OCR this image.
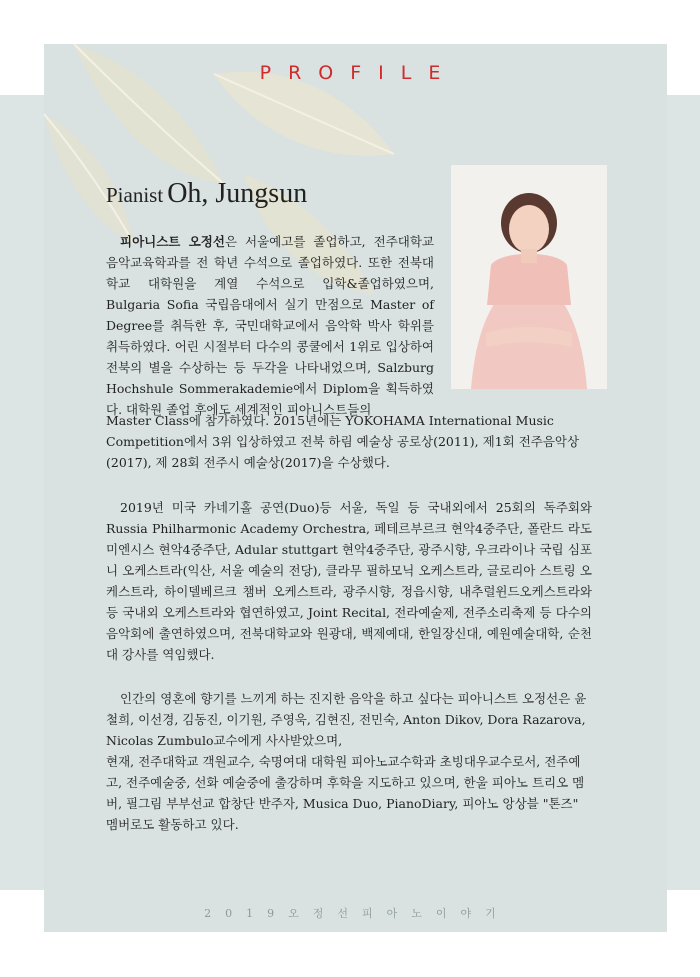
PROFILE
Pianist Oh, Jungsun

피아니스트 오정선은 서울예고를 졸업하고, 전주대학교 음악교육학과를 전 학년 수석으로 졸업하였다. 또한 전북대학교 대학원을 계열 수석으로 입학&졸업하였으며, Bulgaria Sofia 국립음대에서 실기 만점으로 Master of Degree를 취득한 후, 국민대학교에서 음악학 박사 학위를 취득하였다. 어린 시절부터 다수의 콩쿨에서 1위로 입상하여 전북의 별을 수상하는 등 두각을 나타내었으며, Salzburg Hochshule Sommerakademie에서 Diplom을 획득하였다. 대학원 졸업 후에도 세계적인 피아니스트들의

Master Class에 참가하였다. 2015년에는 YOKOHAMA International Music Competition에서 3위 입상하였고 전북 하림 예술상 공로상(2011), 제1회 전주음악상(2017), 제 28회 전주시 예술상(2017)을 수상했다.

2019년 미국 카네기홀 공연(Duo)등 서울, 독일 등 국내외에서 25회의 독주회와 Russia Philharmonic Academy Orchestra, 페테르부르크 현악4중주단, 폴란드 라도미엔시스 현악4중주단, Adular stuttgart 현악4중주단, 광주시향, 우크라이나 국립 심포니 오케스트라(익산, 서울 예술의 전당), 클라무 필하모닉 오케스트라, 글로리아 스트링 오케스트라, 하이델베르크 챔버 오케스트라, 광주시향, 정읍시향, 내추럴윈드오케스트라와등 국내외 오케스트라와 협연하였고, Joint Recital, 전라예술제, 전주소리축제 등 다수의 음악회에 출연하였으며, 전북대학교와 원광대, 백제예대, 한일장신대, 예원예술대학, 순천대 강사를 역임했다.

인간의 영혼에 향기를 느끼게 하는 진지한 음악을 하고 싶다는 피아니스트 오정선은 윤철희, 이선경, 김동진, 이기원, 주영욱, 김현진, 전민숙, Anton Dikov, Dora Razarova, Nicolas Zumbulo교수에게 사사받았으며,

현재, 전주대학교 객원교수, 숙명여대 대학원 피아노교수학과 초빙대우교수로서, 전주예고, 전주예술중, 선화 예술중에 출강하며 후학을 지도하고 있으며, 한울 피아노 트리오 멤버, 필그림 부부선교 합창단 반주자, Musica Duo, PianoDiary, 피아노 앙상블 "톤즈" 멤버로도 활동하고 있다.

2019오정선피아노이야기
